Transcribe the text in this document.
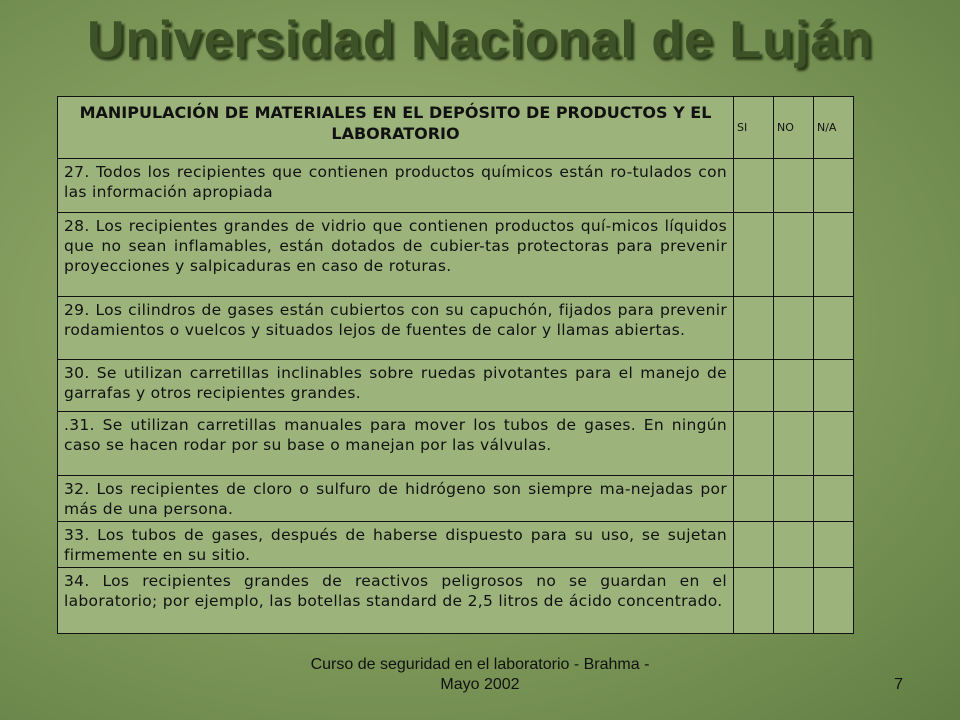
Universidad Nacional de Luján
MANIPULACIÓN DE MATERIALES EN EL DEPÓSITO DE PRODUCTOS Y EL LABORATORIO	SI	NO	N/A
27. Todos los recipientes que contienen productos químicos están ro-tulados con las información apropiada			
28. Los recipientes grandes de vidrio que contienen productos quí-micos líquidos que no sean inflamables, están dotados de cubier-tas protectoras para prevenir proyecciones y salpicaduras en caso de roturas.			
29. Los cilindros de gases están cubiertos con su capuchón, fijados para prevenir rodamientos o vuelcos y situados lejos de fuentes de calor y llamas abiertas.			
30. Se utilizan carretillas inclinables sobre ruedas pivotantes para el manejo de garrafas y otros recipientes grandes.			
.31. Se utilizan carretillas manuales para mover los tubos de gases. En ningún caso se hacen rodar por su base o manejan por las válvulas.			
32. Los recipientes de cloro o sulfuro de hidrógeno son siempre ma-nejadas por más de una persona.			
33. Los tubos de gases, después de haberse dispuesto para su uso, se sujetan firmemente en su sitio.			
34. Los recipientes grandes de reactivos peligrosos no se guardan en el laboratorio; por ejemplo, las botellas standard de 2,5 litros de ácido concentrado.			
Curso de seguridad en el laboratorio - Brahma - Mayo 2002	7
